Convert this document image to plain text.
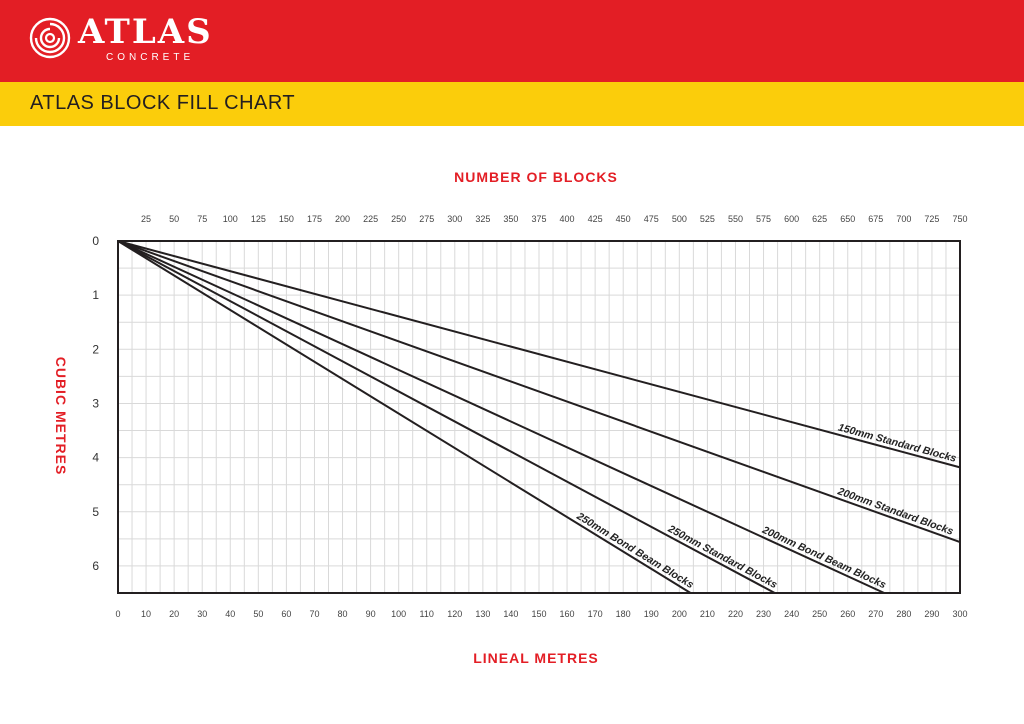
ATLAS
CONCRETE
ATLAS BLOCK FILL CHART
25 50 75 100 125 150 175 200 225 250 275 300 325 350 375 400 425 450 475 500 525 550 575 600 625 650 675 700 725 750
0 10 20 30 40 50 60 70 80 90 100 110 120 130 140 150 160 170 180 190 200 210 220 230 240 250 260 270 280 290 300
0
1
2
3
4
5
6
150mm Standard Blocks
200mm Standard Blocks
200mm Bond Beam Blocks
250mm Standard Blocks
250mm Bond Beam Blocks
NUMBER OF BLOCKS
LINEAL METRES
CUBIC METRES
